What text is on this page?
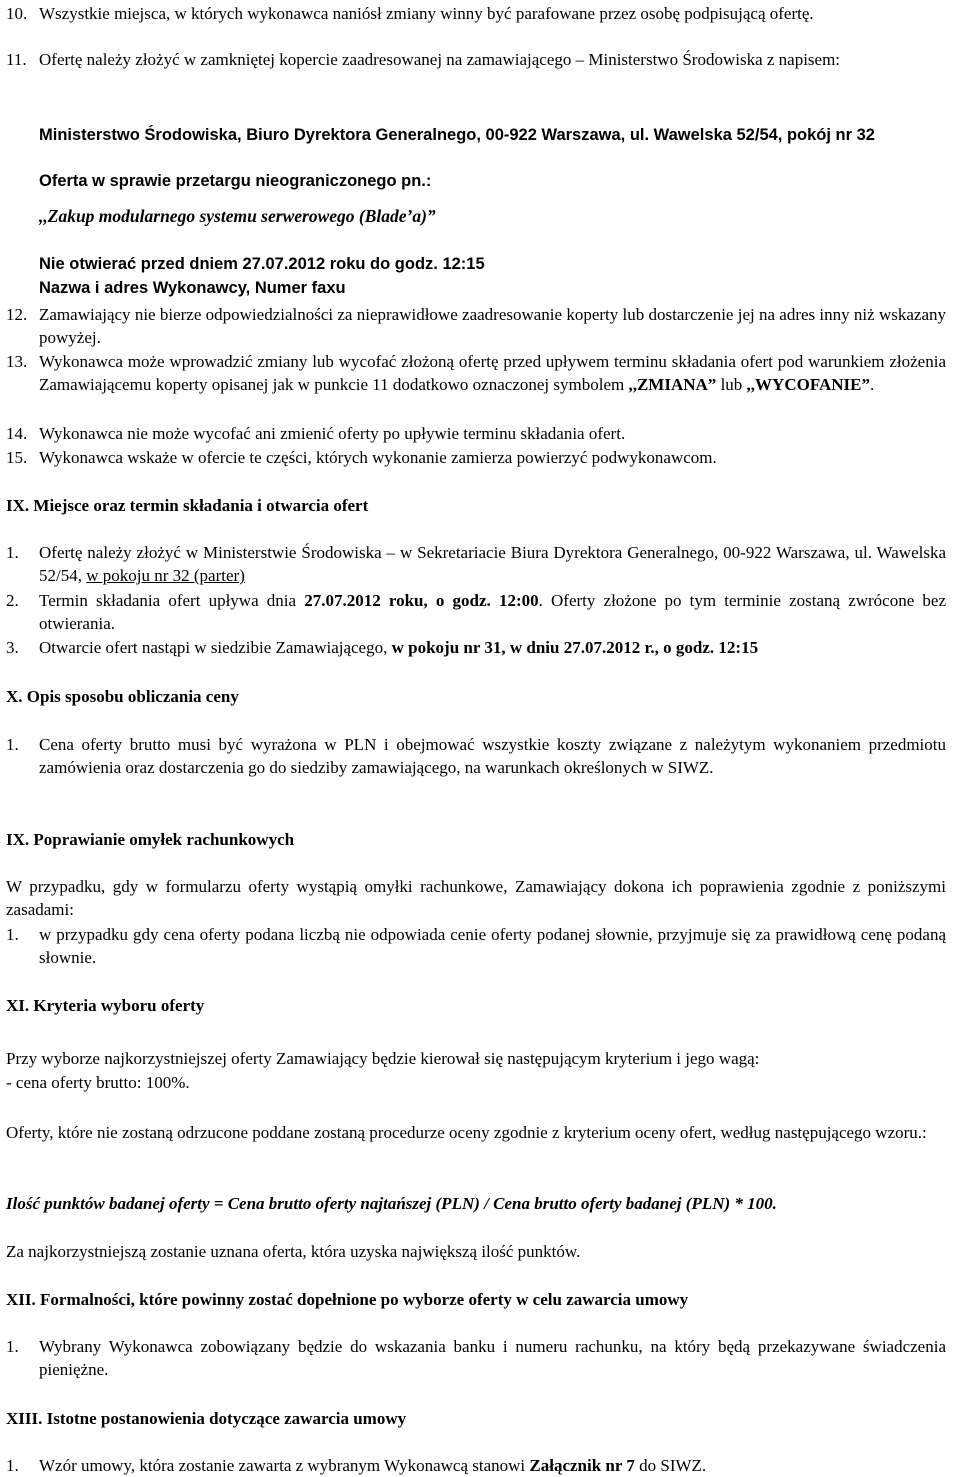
10. Wszystkie miejsca, w których wykonawca naniósł zmiany winny być parafowane przez osobę podpisującą ofertę.
11. Ofertę należy złożyć w zamkniętej kopercie zaadresowanej na zamawiającego – Ministerstwo Środowiska z napisem:
Ministerstwo Środowiska, Biuro Dyrektora Generalnego, 00-922 Warszawa, ul. Wawelska 52/54, pokój nr 32
Oferta w sprawie przetargu nieograniczonego pn.:
,,Zakup modularnego systemu serwerowego (Blade’a)”
Nie otwierać przed dniem 27.07.2012 roku do godz. 12:15
Nazwa i adres Wykonawcy, Numer faxu
12. Zamawiający nie bierze odpowiedzialności za nieprawidłowe zaadresowanie koperty lub dostarczenie jej na adres inny niż wskazany powyżej.
13. Wykonawca może wprowadzić zmiany lub wycofać złożoną ofertę przed upływem terminu składania ofert pod warunkiem złożenia Zamawiającemu koperty opisanej jak w punkcie 11 dodatkowo oznaczonej symbolem ,,ZMIANA” lub ,,WYCOFANIE”.
14. Wykonawca nie może wycofać ani zmienić oferty po upływie terminu składania ofert.
15. Wykonawca wskaże w ofercie te części, których wykonanie zamierza powierzyć podwykonawcom.
IX. Miejsce oraz termin składania i otwarcia ofert
1. Ofertę należy złożyć w Ministerstwie Środowiska – w Sekretariacie Biura Dyrektora Generalnego, 00-922 Warszawa, ul. Wawelska 52/54, w pokoju nr 32 (parter)
2. Termin składania ofert upływa dnia 27.07.2012 roku, o godz. 12:00. Oferty złożone po tym terminie zostaną zwrócone bez otwierania.
3. Otwarcie ofert nastąpi w siedzibie Zamawiającego, w pokoju nr 31, w dniu 27.07.2012 r., o godz. 12:15
X. Opis sposobu obliczania ceny
1. Cena oferty brutto musi być wyrażona w PLN i obejmować wszystkie koszty związane z należytym wykonaniem przedmiotu zamówienia oraz dostarczenia go do siedziby zamawiającego, na warunkach określonych w SIWZ.
IX. Poprawianie omyłek rachunkowych
W przypadku, gdy w formularzu oferty wystąpią omyłki rachunkowe, Zamawiający dokona ich poprawienia zgodnie z poniższymi zasadami:
1. w przypadku gdy cena oferty podana liczbą nie odpowiada cenie oferty podanej słownie, przyjmuje się za prawidłową cenę podaną słownie.
XI. Kryteria wyboru oferty
Przy wyborze najkorzystniejszej oferty Zamawiający będzie kierował się następującym kryterium i jego wagą:
- cena oferty brutto: 100%.
Oferty, które nie zostaną odrzucone poddane zostaną procedurze oceny zgodnie z kryterium oceny ofert, według następującego wzoru.:
Ilość punktów badanej oferty = Cena brutto oferty najtańszej (PLN) / Cena brutto oferty badanej (PLN) * 100.
Za najkorzystniejszą zostanie uznana oferta, która uzyska największą ilość punktów.
XII. Formalności, które powinny zostać dopełnione po wyborze oferty w celu zawarcia umowy
1. Wybrany Wykonawca zobowiązany będzie do wskazania banku i numeru rachunku, na który będą przekazywane świadczenia pieniężne.
XIII. Istotne postanowienia dotyczące zawarcia umowy
1. Wzór umowy, która zostanie zawarta z wybranym Wykonawcą stanowi Załącznik nr 7 do SIWZ.
